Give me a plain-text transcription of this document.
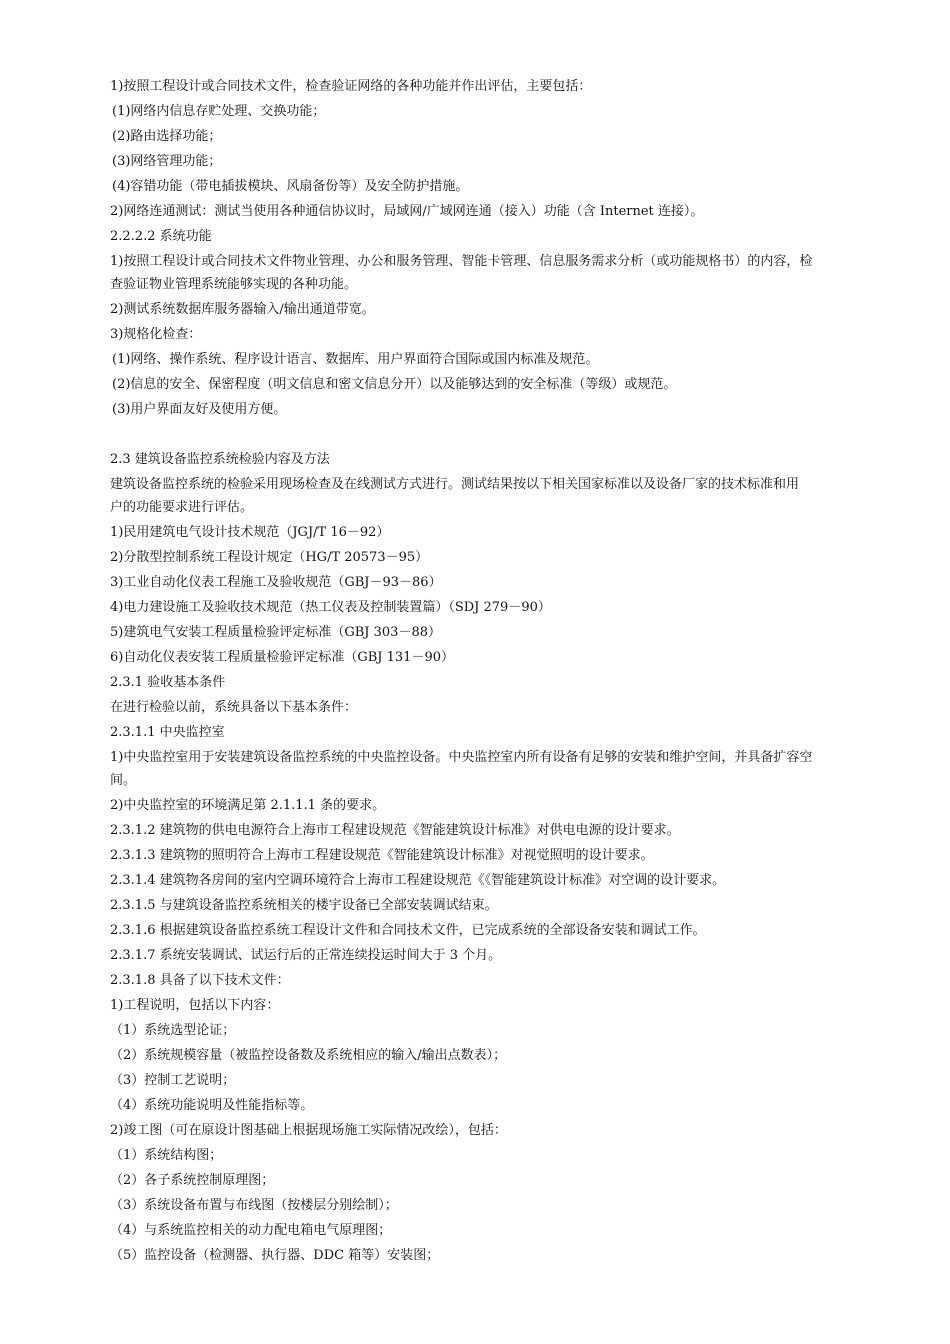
1)按照工程设计或合同技术文件，检查验证网络的各种功能并作出评估，主要包括：

(1)网络内信息存贮处理、交换功能；

(2)路由选择功能；

(3)网络管理功能；

(4)容错功能（带电插拔模块、风扇备份等）及安全防护措施。

2)网络连通测试：测试当使用各种通信协议时，局域网/广域网连通（接入）功能（含 Internet 连接）。

2.2.2.2 系统功能

1)按照工程设计或合同技术文件物业管理、办公和服务管理、智能卡管理、信息服务需求分析（或功能规格书）的内容，检

查验证物业管理系统能够实现的各种功能。

2)测试系统数据库服务器输入/输出通道带宽。

3)规格化检查：

(1)网络、操作系统、程序设计语言、数据库、用户界面符合国际或国内标准及规范。

(2)信息的安全、保密程度（明文信息和密文信息分开）以及能够达到的安全标准（等级）或规范。

(3)用户界面友好及使用方便。

2.3 建筑设备监控系统检验内容及方法

建筑设备监控系统的检验采用现场检查及在线测试方式进行。测试结果按以下相关国家标准以及设备厂家的技术标准和用

户的功能要求进行评估。

1)民用建筑电气设计技术规范（JGJ/T 16－92）

2)分散型控制系统工程设计规定（HG/T 20573－95）

3)工业自动化仪表工程施工及验收规范（GBJ－93－86）

4)电力建设施工及验收技术规范（热工仪表及控制装置篇）（SDJ 279－90）

5)建筑电气安装工程质量检验评定标准（GBJ 303－88）

6)自动化仪表安装工程质量检验评定标准（GBJ 131－90）

2.3.1 验收基本条件

在进行检验以前，系统具备以下基本条件：

2.3.1.1 中央监控室

1)中央监控室用于安装建筑设备监控系统的中央监控设备。中央监控室内所有设备有足够的安装和维护空间，并具备扩容空

间。

2)中央监控室的环境满足第 2.1.1.1 条的要求。

2.3.1.2 建筑物的供电电源符合上海市工程建设规范《智能建筑设计标准》对供电电源的设计要求。

2.3.1.3 建筑物的照明符合上海市工程建设规范《智能建筑设计标准》对视觉照明的设计要求。

2.3.1.4 建筑物各房间的室内空调环境符合上海市工程建设规范《《智能建筑设计标准》对空调的设计要求。

2.3.1.5 与建筑设备监控系统相关的楼宇设备已全部安装调试结束。

2.3.1.6 根据建筑设备监控系统工程设计文件和合同技术文件，已完成系统的全部设备安装和调试工作。

2.3.1.7 系统安装调试、试运行后的正常连续投运时间大于 3 个月。

2.3.1.8 具备了以下技术文件：

1)工程说明，包括以下内容：

（1）系统选型论证；

（2）系统规模容量（被监控设备数及系统相应的输入/输出点数表）；

（3）控制工艺说明；

（4）系统功能说明及性能指标等。

2)竣工图（可在原设计图基础上根据现场施工实际情况改绘），包括：

（1）系统结构图；

（2）各子系统控制原理图；

（3）系统设备布置与布线图（按楼层分别绘制）；

（4）与系统监控相关的动力配电箱电气原理图；

（5）监控设备（检测器、执行器、DDC 箱等）安装图；
